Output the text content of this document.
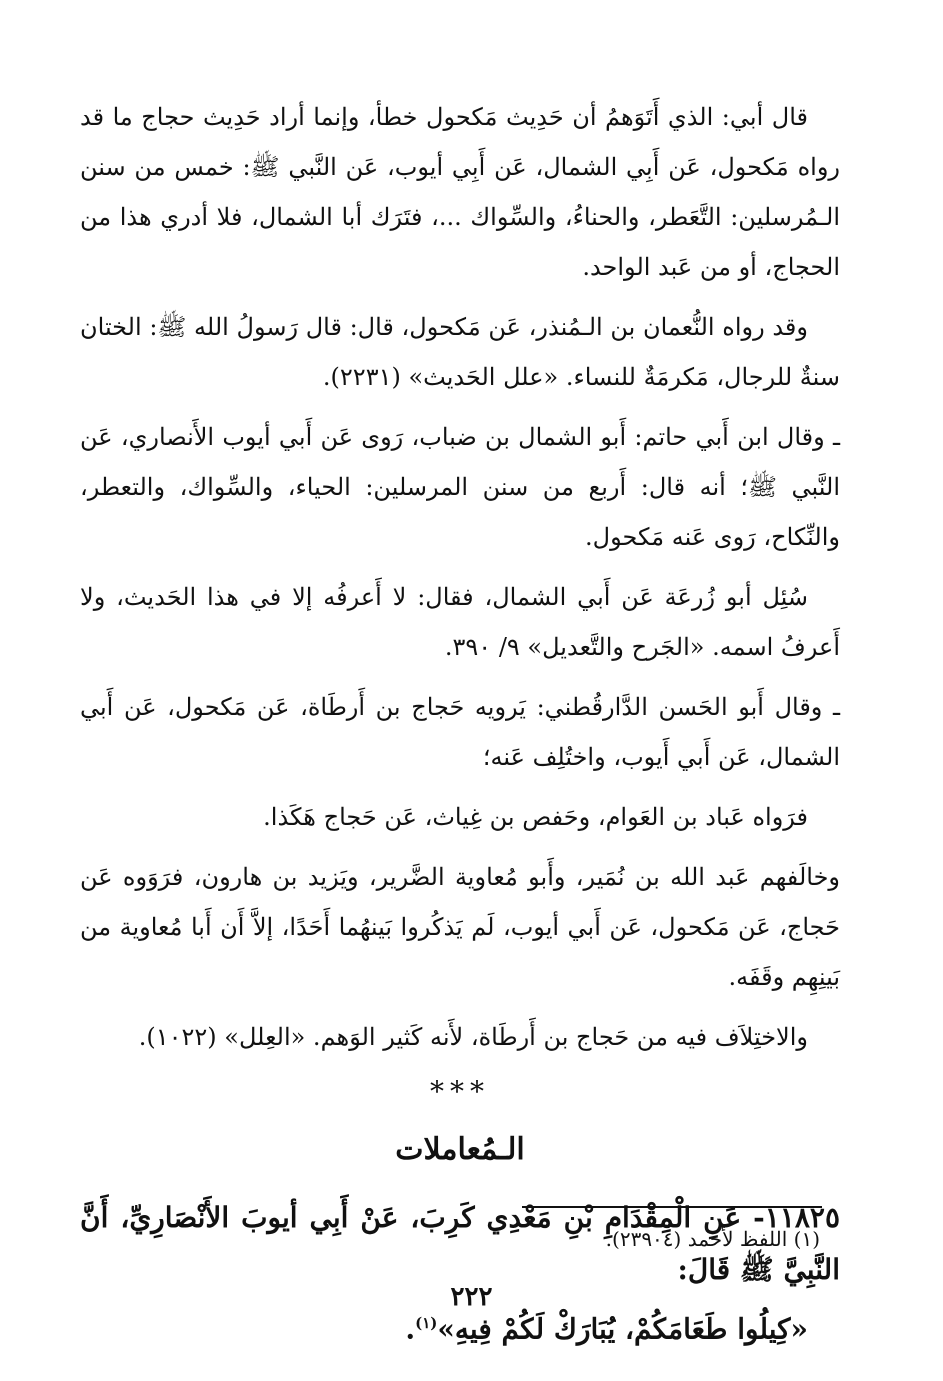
قال أبي: الذي أَتَوَهمُ أن حَدِيث مَكحول خطأ، وإنما أراد حَدِيث حجاج ما قد رواه مَكحول، عَن أَبِي الشمال، عَن أَبِي أيوب، عَن النَّبي ﷺ: خمس من سنن الـمُرسلين: التَّعَطر، والحناءُ، والسِّواك ...، فتَرَك أبا الشمال، فلا أدري هذا من الحجاج، أو من عَبد الواحد.

وقد رواه النُّعمان بن الـمُنذر، عَن مَكحول، قال: قال رَسولُ الله ﷺ: الختان سنةٌ للرجال، مَكرمَةٌ للنساء. «علل الحَديث» (٢٢٣١).

ـ وقال ابن أَبي حاتم: أَبو الشمال بن ضباب، رَوى عَن أَبي أيوب الأَنصاري، عَن النَّبي ﷺ؛ أنه قال: أَربع من سنن المرسلين: الحياء، والسِّواك، والتعطر، والنِّكاح، رَوى عَنه مَكحول.

سُئِل أبو زُرعَة عَن أَبي الشمال، فقال: لا أَعرفُه إلا في هذا الحَديث، ولا أَعرفُ اسمه. «الجَرح والتَّعديل» ٩/ ٣٩٠.

ـ وقال أَبو الحَسن الدَّارقُطني: يَرويه حَجاج بن أَرطَاة، عَن مَكحول، عَن أَبي الشمال، عَن أَبي أَيوب، واختُلِف عَنه؛

فرَواه عَباد بن العَوام، وحَفص بن غِياث، عَن حَجاج هَكَذا.

وخالَفهم عَبد الله بن نُمَير، وأَبو مُعاوية الضَّرير، ويَزيد بن هارون، فرَوَوه عَن حَجاج، عَن مَكحول، عَن أَبي أيوب، لَم يَذكُروا بَينهُما أَحَدًا، إلاَّ أَن أَبا مُعاوية من بَينِهِم وقَفَه.

والاختِلاَف فيه من حَجاج بن أَرطَاة، لأَنه كَثير الوَهم. «العِلل» (١٠٢٢).

***
الـمُعاملات

١١٨٢٥- عَنِ الْمِقْدَامِ بْنِ مَعْدِي كَرِبَ، عَنْ أَبِي أيوبَ الأَنْصَارِيِّ، أَنَّ النَّبِيَّ ﷺ قَالَ:

«كِيلُوا طَعَامَكُمْ، يُبَارَكْ لَكُمْ فِيهِ»$^{(١)}$.

(١) اللفظ لأحمد (٢٣٩٠٤).
٢٢٢
